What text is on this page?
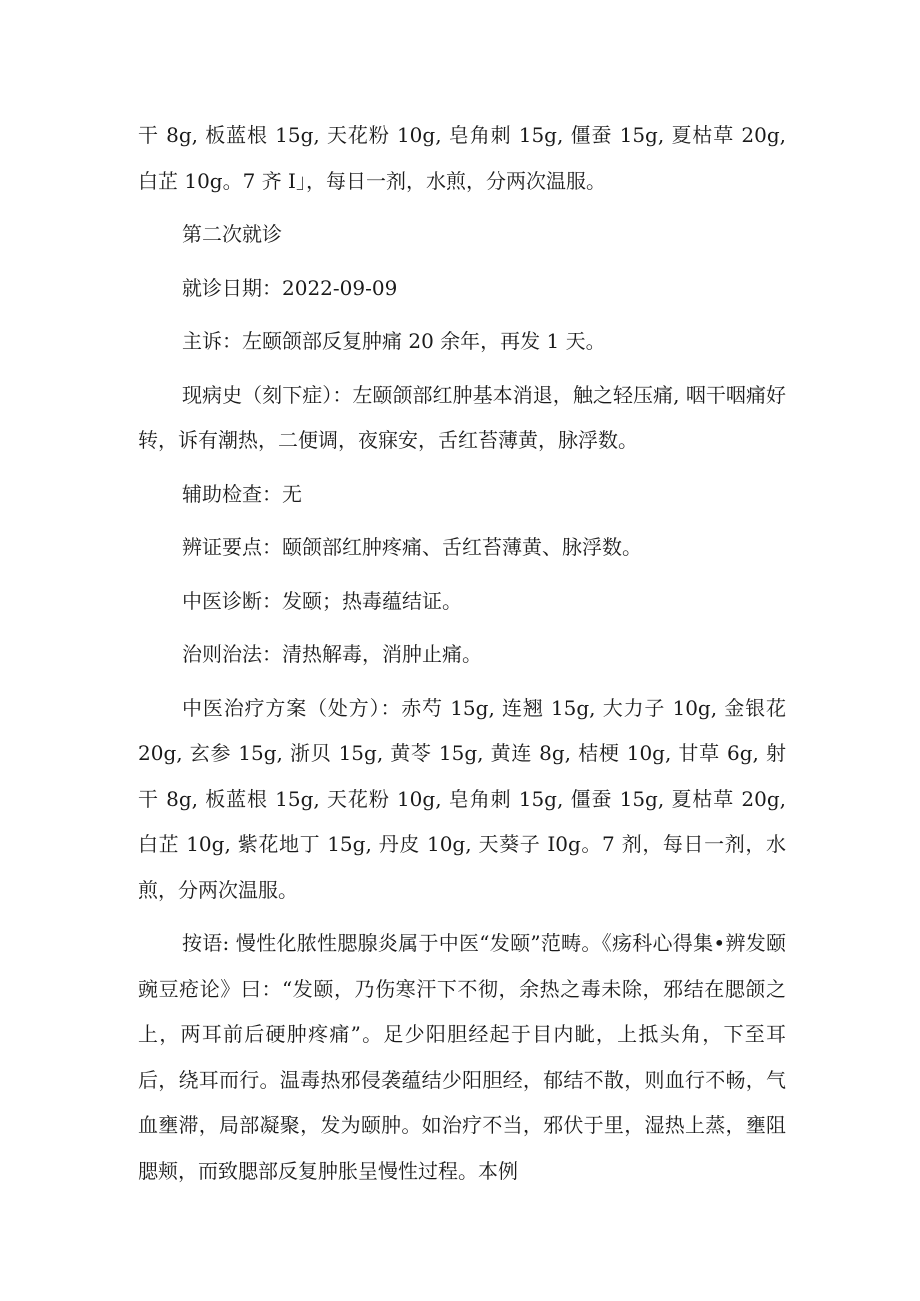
干 8g, 板蓝根 15g, 天花粉 10g, 皂角刺 15g, 僵蚕 15g, 夏枯草 20g, 白芷 10g。7 齐 I」，每日一剂，水煎，分两次温服。

第二次就诊

就诊日期：2022-09-09

主诉：左颐颌部反复肿痛 20 余年，再发 1 天。

现病史（刻下症）：左颐颌部红肿基本消退，触之轻压痛, 咽干咽痛好转，诉有潮热，二便调，夜寐安，舌红苔薄黄，脉浮数。

辅助检查：无

辨证要点：颐颌部红肿疼痛、舌红苔薄黄、脉浮数。

中医诊断：发颐；热毒蕴结证。

治则治法：清热解毒，消肿止痛。

中医治疗方案（处方）：赤芍 15g, 连翘 15g, 大力子 10g, 金银花 20g, 玄参 15g, 浙贝 15g, 黄苓 15g, 黄连 8g, 桔梗 10g, 甘草 6g, 射干 8g, 板蓝根 15g, 天花粉 10g, 皂角刺 15g, 僵蚕 15g, 夏枯草 20g, 白芷 10g, 紫花地丁 15g, 丹皮 10g, 天葵子 I0g。7 剂，每日一剂，水煎，分两次温服。

按语: 慢性化脓性腮腺炎属于中医“发颐”范畴。《疡科心得集•辨发颐豌豆疮论》曰：“发颐，乃伤寒汗下不彻，余热之毒未除，邪结在腮颌之上，两耳前后硬肿疼痛”。足少阳胆经起于目内眦，上抵头角，下至耳后，绕耳而行。温毒热邪侵袭蕴结少阳胆经，郁结不散，则血行不畅，气血壅滞，局部凝聚，发为颐肿。如治疗不当，邪伏于里，湿热上蒸，壅阻腮颊，而致腮部反复肿胀呈慢性过程。本例
